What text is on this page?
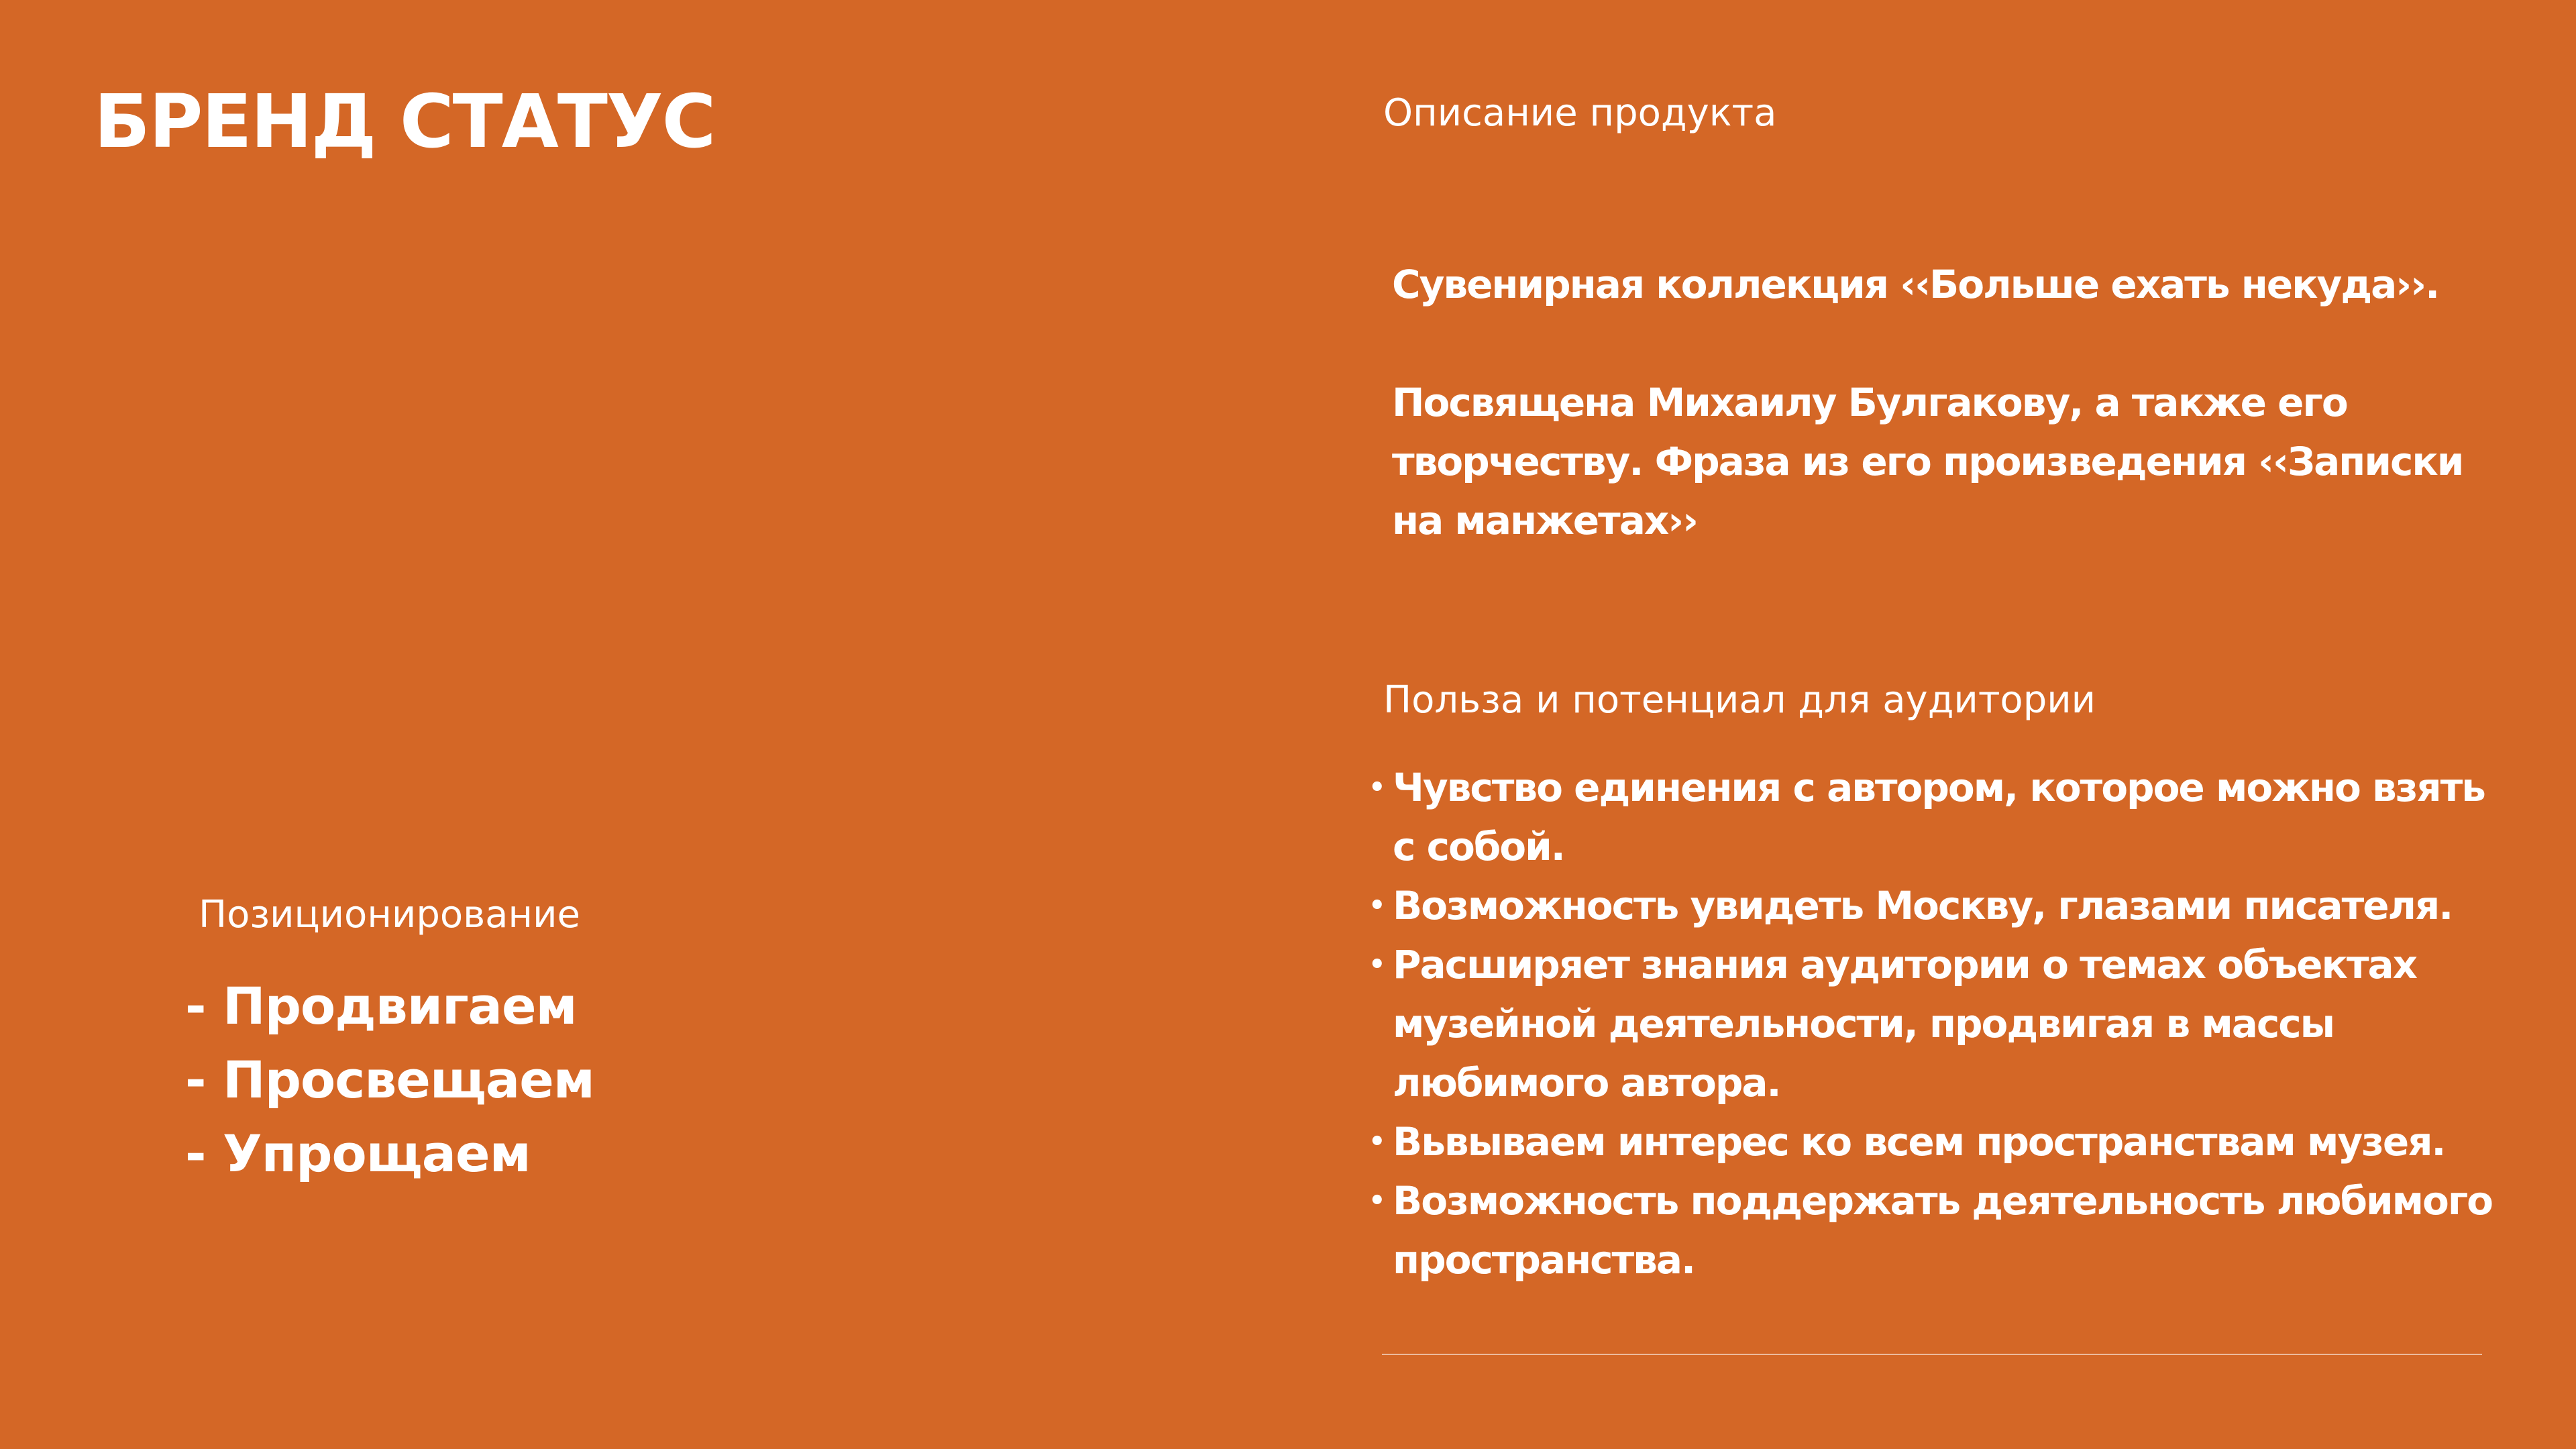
БРЕНД СТАТУС	Описание продукта

Сувенирная коллекция ‹‹Больше ехать некуда››.

Посвящена Михаилу Булгакову, а также его творчеству. Фраза из его произведения ‹‹Записки на манжетах››

Польза и потенциал для аудитории
• Чувство единения с автором, которое можно взять с собой.
• Возможность увидеть Москву, глазами писателя.
• Расширяет знания аудитории о темах объектах музейной деятельности, продвигая в массы любимого автора.
• Вьвываем интерес ко всем пространствам музея.
• Возможность поддержать деятельность любимого пространства.
Позиционирование
- Продвигаем
- Просвещаем
- Упрощаем
